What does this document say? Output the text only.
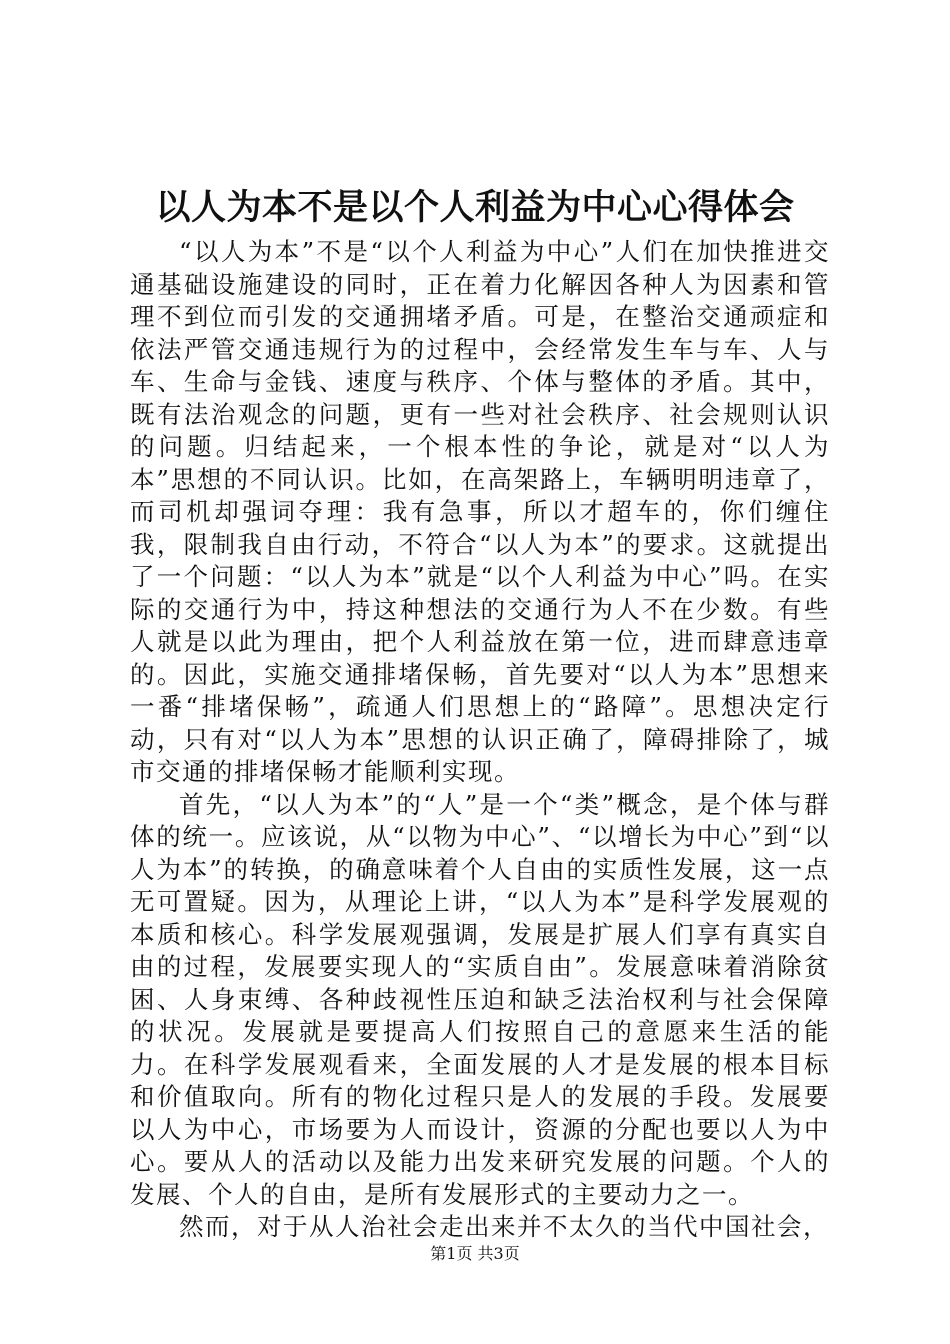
以人为本不是以个人利益为中心心得体会

“以人为本”不是“以个人利益为中心”人们在加快推进交通基础设施建设的同时，正在着力化解因各种人为因素和管理不到位而引发的交通拥堵矛盾。可是，在整治交通顽症和依法严管交通违规行为的过程中，会经常发生车与车、人与车、生命与金钱、速度与秩序、个体与整体的矛盾。其中，既有法治观念的问题，更有一些对社会秩序、社会规则认识的问题。归结起来，一个根本性的争论，就是对“以人为本”思想的不同认识。比如，在高架路上，车辆明明违章了，而司机却强词夺理：我有急事，所以才超车的，你们缠住我，限制我自由行动，不符合“以人为本”的要求。这就提出了一个问题：“以人为本”就是“以个人利益为中心”吗。在实际的交通行为中，持这种想法的交通行为人不在少数。有些人就是以此为理由，把个人利益放在第一位，进而肆意违章的。因此，实施交通排堵保畅，首先要对“以人为本”思想来一番“排堵保畅”，疏通人们思想上的“路障”。思想决定行动，只有对“以人为本”思想的认识正确了，障碍排除了，城市交通的排堵保畅才能顺利实现。

首先，“以人为本”的“人”是一个“类”概念，是个体与群体的统一。应该说，从“以物为中心”、“以增长为中心”到“以人为本”的转换，的确意味着个人自由的实质性发展，这一点无可置疑。因为，从理论上讲，“以人为本”是科学发展观的本质和核心。科学发展观强调，发展是扩展人们享有真实自由的过程，发展要实现人的“实质自由”。发展意味着消除贫困、人身束缚、各种歧视性压迫和缺乏法治权利与社会保障的状况。发展就是要提高人们按照自己的意愿来生活的能力。在科学发展观看来，全面发展的人才是发展的根本目标和价值取向。所有的物化过程只是人的发展的手段。发展要以人为中心，市场要为人而设计，资源的分配也要以人为中心。要从人的活动以及能力出发来研究发展的问题。个人的发展、个人的自由，是所有发展形式的主要动力之一。

然而，对于从人治社会走出来并不太久的当代中国社会，

第1页 共3页
